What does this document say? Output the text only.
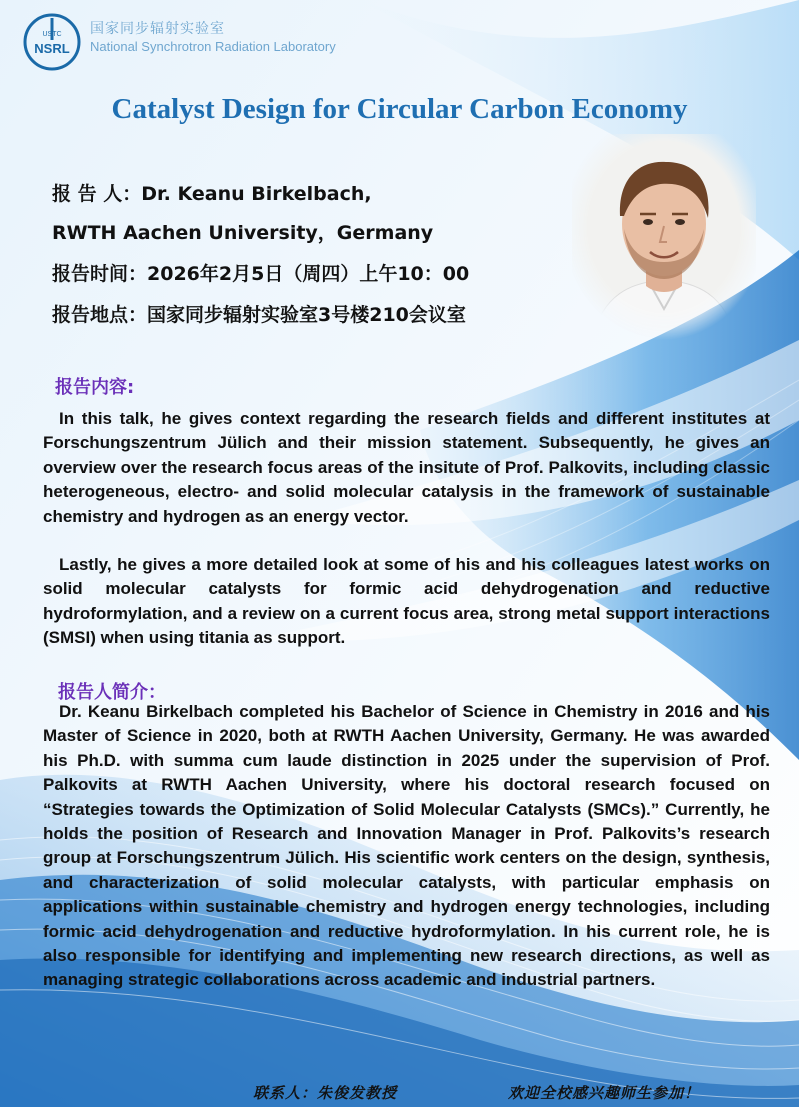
USTC
NSRL
国家同步辐射实验室
National Synchrotron Radiation Laboratory
Catalyst Design for Circular Carbon Economy
报 告 人：Dr. Keanu Birkelbach,
RWTH Aachen University，Germany
报告时间：2026年2月5日（周四）上午10：00
报告地点：国家同步辐射实验室3号楼210会议室
报告内容:
In this talk, he gives context regarding the research fields and different institutes at Forschungszentrum Jülich and their mission statement. Subsequently, he gives an overview over the research focus areas of the insitute of Prof. Palkovits, including classic heterogeneous, electro- and solid molecular catalysis in the framework of sustainable chemistry and hydrogen as an energy vector.
Lastly, he gives a more detailed look at some of his and his colleagues latest works on solid molecular catalysts for formic acid dehydrogenation and reductive hydroformylation, and a review on a current focus area, strong metal support interactions (SMSI) when using titania as support.
报告人简介：
Dr. Keanu Birkelbach completed his Bachelor of Science in Chemistry in 2016 and his Master of Science in 2020, both at RWTH Aachen University, Germany. He was awarded his Ph.D. with summa cum laude distinction in 2025 under the supervision of Prof. Palkovits at RWTH Aachen University, where his doctoral research focused on “Strategies towards the Optimization of Solid Molecular Catalysts (SMCs).” Currently, he holds the position of Research and Innovation Manager in Prof. Palkovits’s research group at Forschungszentrum Jülich. His scientific work centers on the design, synthesis, and characterization of solid molecular catalysts, with particular emphasis on applications within sustainable chemistry and hydrogen energy technologies, including formic acid dehydrogenation and reductive hydroformylation. In his current role, he is also responsible for identifying and implementing new research directions, as well as managing strategic collaborations across academic and industrial partners.
联系人：朱俊发教授	欢迎全校感兴趣师生参加！
